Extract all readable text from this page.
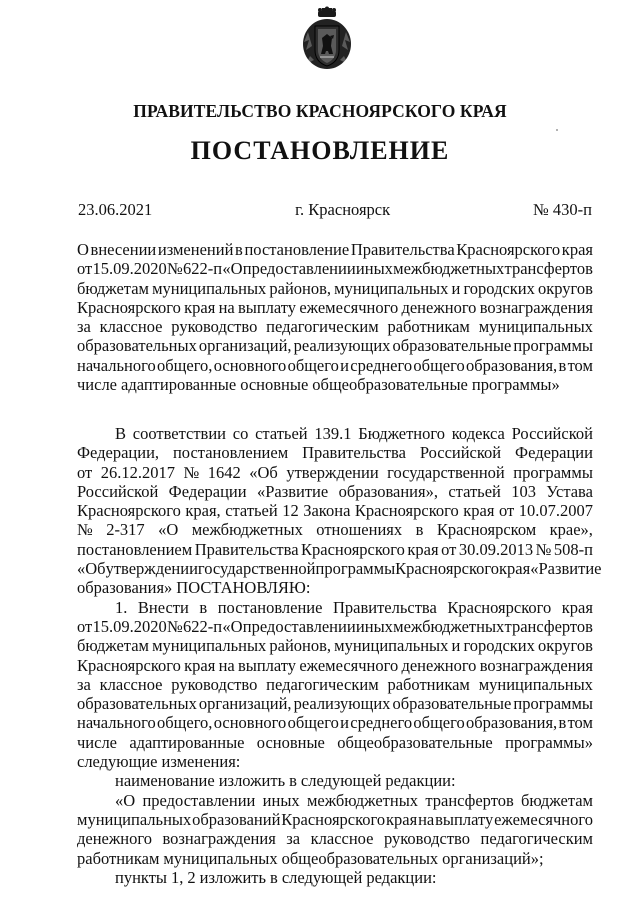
ПРАВИТЕЛЬСТВО КРАСНОЯРСКОГО КРАЯ
ПОСТАНОВЛЕНИЕ
23.06.2021	г. Красноярск	№ 430-п
О внесении изменений в постановление Правительства Красноярского края
от 15.09.2020 № 622-п «О предоставлении иных межбюджетных трансфертов
бюджетам муниципальных районов, муниципальных и городских округов
Красноярского края на выплату ежемесячного денежного вознаграждения
за классное руководство педагогическим работникам муниципальных
образовательных организаций, реализующих образовательные программы
начального общего, основного общего и среднего общего образования, в том
числе адаптированные основные общеобразовательные программы»
В соответствии со статьей 139.1 Бюджетного кодекса Российской
Федерации, постановлением Правительства Российской Федерации
от 26.12.2017 № 1642 «Об утверждении государственной программы
Российской Федерации «Развитие образования», статьей 103 Устава
Красноярского края, статьей 12 Закона Красноярского края от 10.07.2007
№ 2-317 «О межбюджетных отношениях в Красноярском крае»,
постановлением Правительства Красноярского края от 30.09.2013 № 508-п
«Об утверждении государственной программы Красноярского края «Развитие
образования» ПОСТАНОВЛЯЮ:
1. Внести в постановление Правительства Красноярского края
от 15.09.2020 № 622-п «О предоставлении иных межбюджетных трансфертов
бюджетам муниципальных районов, муниципальных и городских округов
Красноярского края на выплату ежемесячного денежного вознаграждения
за классное руководство педагогическим работникам муниципальных
образовательных организаций, реализующих образовательные программы
начального общего, основного общего и среднего общего образования, в том
числе адаптированные основные общеобразовательные программы»
следующие изменения:
наименование изложить в следующей редакции:
«О предоставлении иных межбюджетных трансфертов бюджетам
муниципальных образований Красноярского края на выплату ежемесячного
денежного вознаграждения за классное руководство педагогическим
работникам муниципальных общеобразовательных организаций»;
пункты 1, 2 изложить в следующей редакции:
